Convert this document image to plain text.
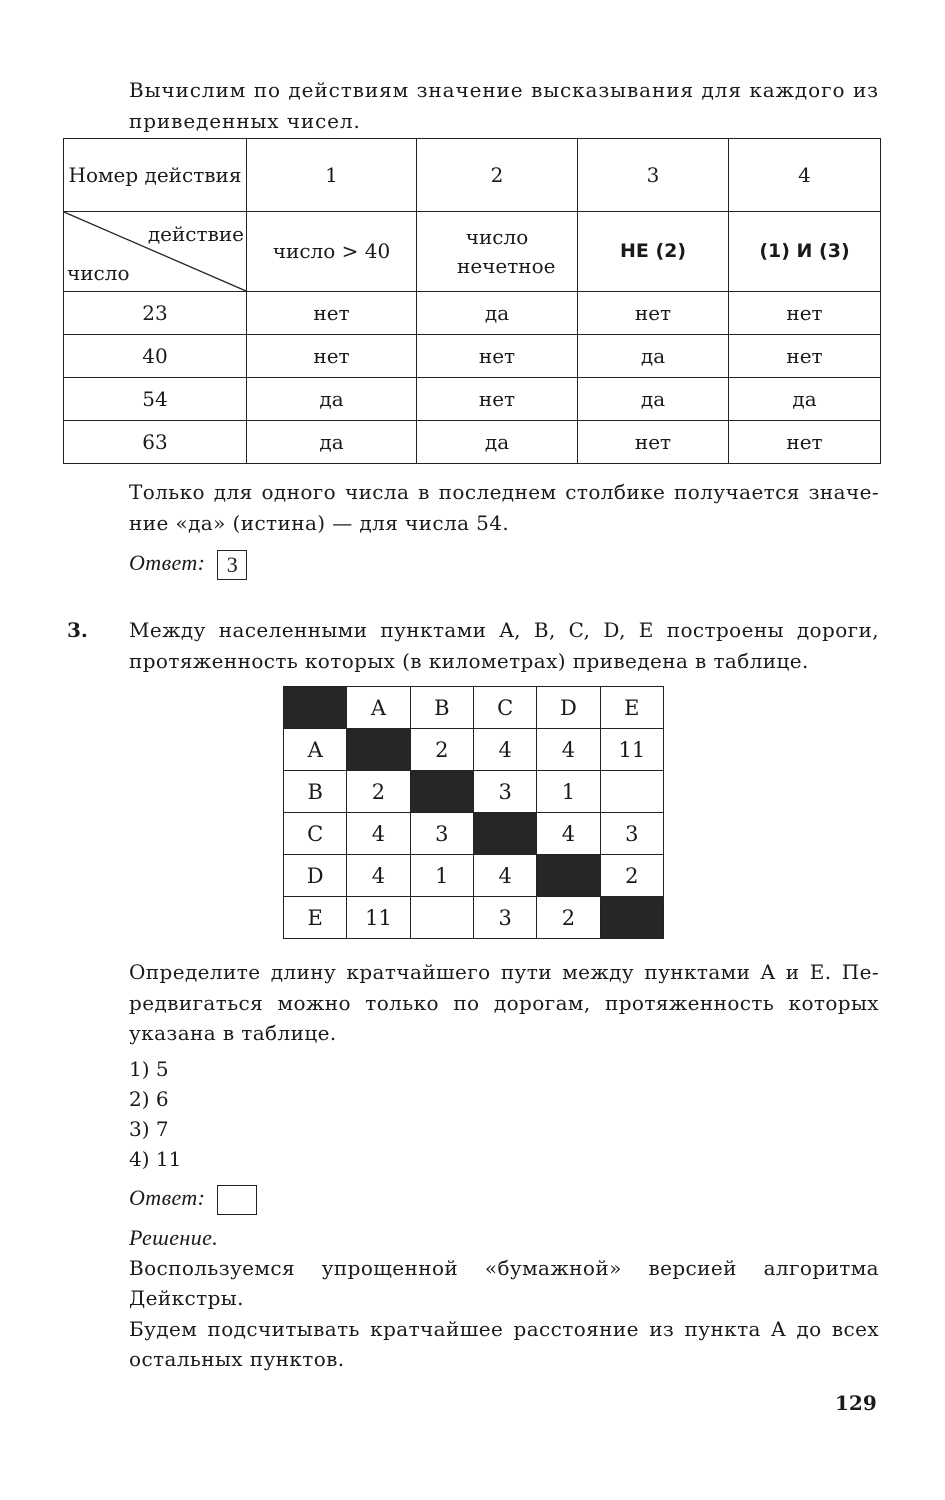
Вычислим по действиям значение высказывания для каждого из приведенных чисел.

Номер действия	1	2	3	4

действие
число	число > 40	число нечетное	НЕ (2)	(1) И (3)
23	нет	да	нет	нет
40	нет	нет	да	нет
54	да	нет	да	да
63	да	да	нет	нет

Только для одного числа в последнем столбике получается значе-

ние «да» (истина) — для числа 54.

Ответ: 3

3. Между населенными пунктами A, B, C, D, E построены дороги,

протяженность которых (в километрах) приведена в таблице.

	A	B	C	D	E
A		2	4	4	11
B	2		3	1	
C	4	3		4	3
D	4	1	4		2
E	11		3	2	

Определите длину кратчайшего пути между пунктами A и E. Пе-

редвигаться можно только по дорогам, протяженность которых

указана в таблице.

1) 5
2) 6
3) 7
4) 11

Ответ:

Решение.

Воспользуемся упрощенной «бумажной» версией алгоритма

Дейкстры.

Будем подсчитывать кратчайшее расстояние из пункта A до всех

остальных пунктов.

129
